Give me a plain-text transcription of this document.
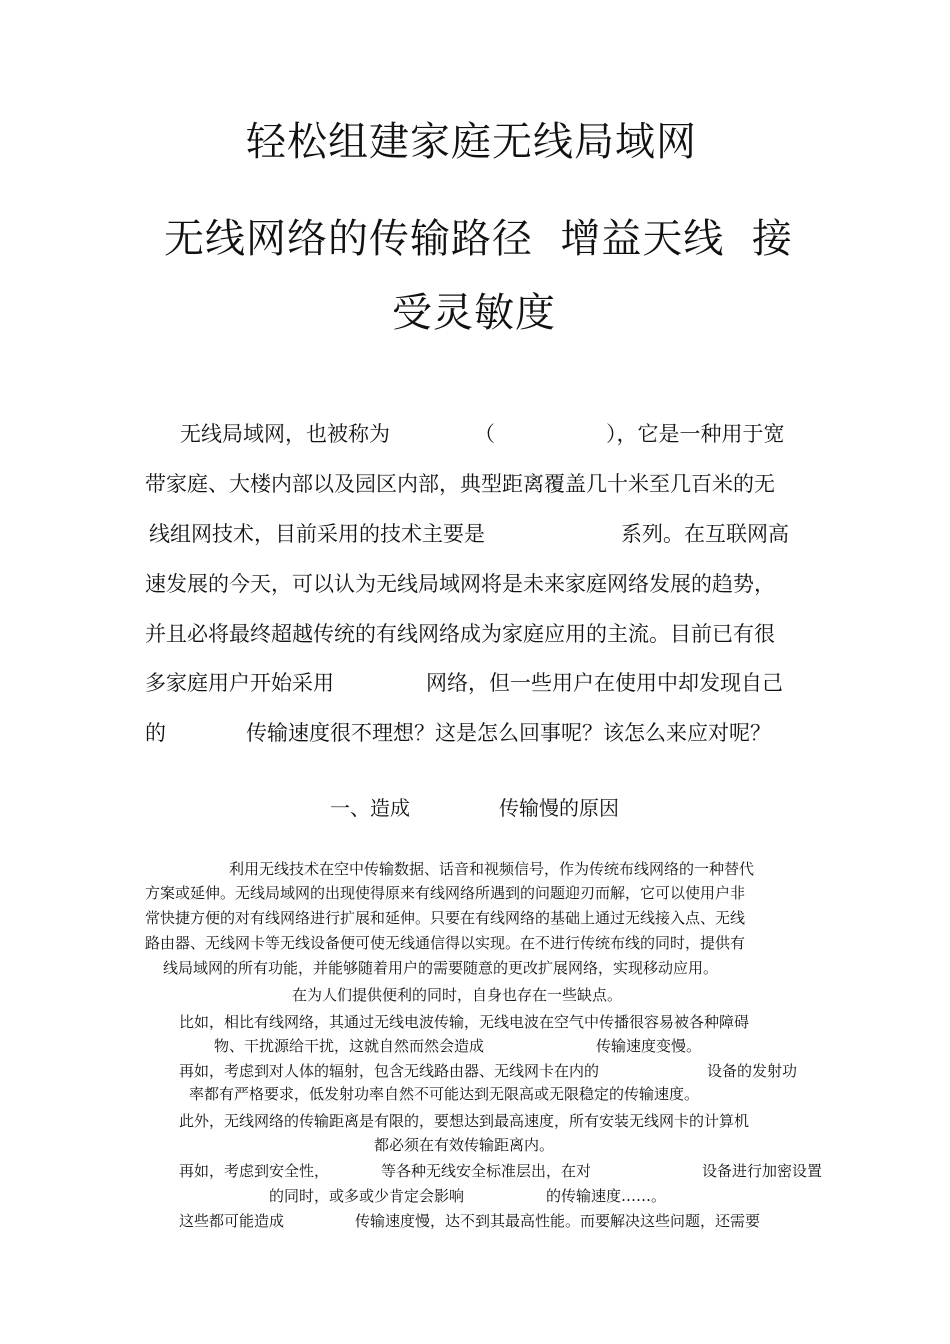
轻松组建家庭无线局域网
无线网络的传输路径  增益天线  接
受灵敏度
无线局域网，也被称为	（	），它是一种用于宽
带家庭、大楼内部以及园区内部，典型距离覆盖几十米至几百米的无
线组网技术，目前采用的技术主要是	系列。在互联网高
速发展的今天，可以认为无线局域网将是未来家庭网络发展的趋势，
并且必将最终超越传统的有线网络成为家庭应用的主流。目前已有很
多家庭用户开始采用	网络，但一些用户在使用中却发现自己
的	传输速度很不理想？这是怎么回事呢？该怎么来应对呢？
一、造成	传输慢的原因
利用无线技术在空中传输数据、话音和视频信号，作为传统布线网络的一种替代
方案或延伸。无线局域网的出现使得原来有线网络所遇到的问题迎刃而解，它可以使用户非
常快捷方便的对有线网络进行扩展和延伸。只要在有线网络的基础上通过无线接入点、无线
路由器、无线网卡等无线设备便可使无线通信得以实现。在不进行传统布线的同时，提供有
线局域网的所有功能，并能够随着用户的需要随意的更改扩展网络，实现移动应用。
在为人们提供便利的同时，自身也存在一些缺点。
比如，相比有线网络，其通过无线电波传输，无线电波在空气中传播很容易被各种障碍
物、干扰源给干扰，这就自然而然会造成	传输速度变慢。
再如，考虑到对人体的辐射，包含无线路由器、无线网卡在内的	设备的发射功
率都有严格要求，低发射功率自然不可能达到无限高或无限稳定的传输速度。
此外，无线网络的传输距离是有限的，要想达到最高速度，所有安装无线网卡的计算机
都必须在有效传输距离内。
再如，考虑到安全性，	等各种无线安全标准层出，在对	设备进行加密设置
的同时，或多或少肯定会影响	的传输速度……。
这些都可能造成	传输速度慢，达不到其最高性能。而要解决这些问题，还需要
